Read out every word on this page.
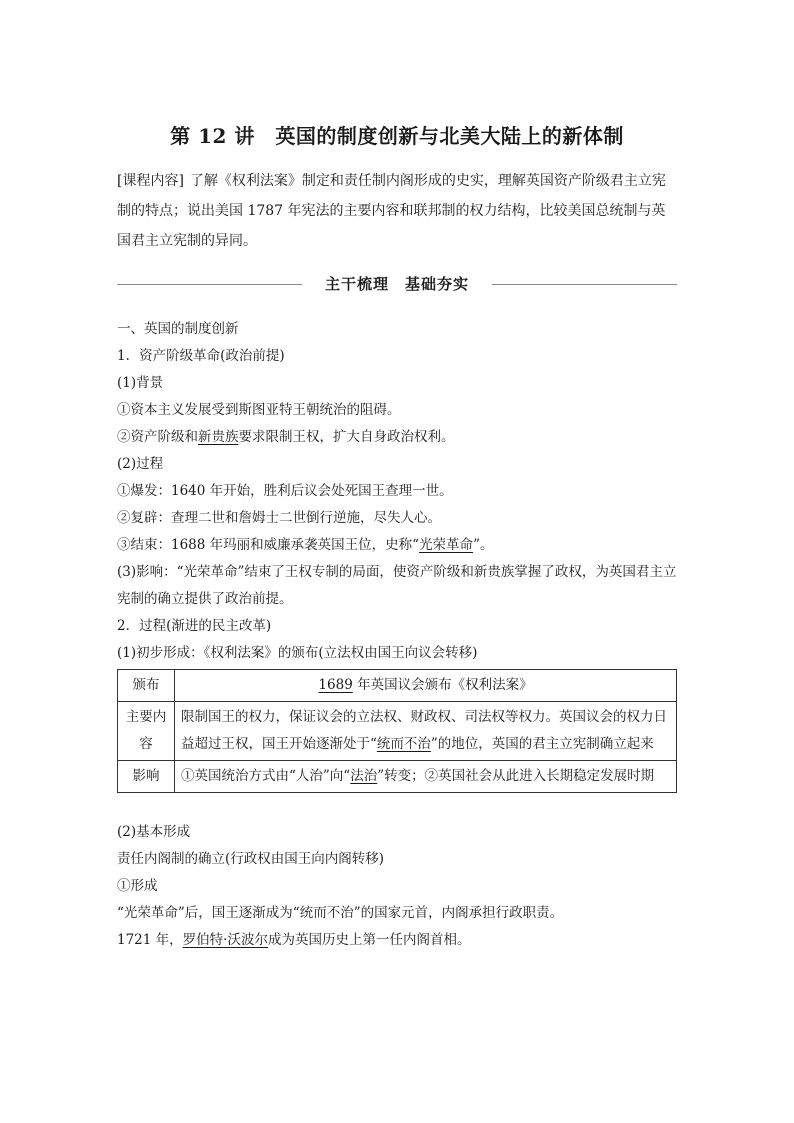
第 12 讲　英国的制度创新与北美大陆上的新体制
[课程内容] 了解《权利法案》制定和责任制内阁形成的史实，理解英国资产阶级君主立宪制的特点；说出美国 1787 年宪法的主要内容和联邦制的权力结构，比较美国总统制与英国君主立宪制的异同。
主干梳理　基础夯实

一、英国的制度创新

1．资产阶级革命(政治前提)

(1)背景

①资本主义发展受到斯图亚特王朝统治的阻碍。

②资产阶级和新贵族要求限制王权，扩大自身政治权利。

(2)过程

①爆发：1640 年开始，胜利后议会处死国王查理一世。

②复辟：查理二世和詹姆士二世倒行逆施，尽失人心。

③结束：1688 年玛丽和威廉承袭英国王位，史称“光荣革命”。

(3)影响：“光荣革命”结束了王权专制的局面，使资产阶级和新贵族掌握了政权，为英国君主立宪制的确立提供了政治前提。

2．过程(渐进的民主改革)

(1)初步形成：《权利法案》的颁布(立法权由国王向议会转移)

颁布	1689 年英国议会颁布《权利法案》
主要内容	限制国王的权力，保证议会的立法权、财政权、司法权等权力。英国议会的权力日益超过王权，国王开始逐渐处于“统而不治”的地位，英国的君主立宪制确立起来
影响	①英国统治方式由“人治”向“法治”转变；②英国社会从此进入长期稳定发展时期

(2)基本形成

责任内阁制的确立(行政权由国王向内阁转移)

①形成

“光荣革命”后，国王逐渐成为“统而不治”的国家元首，内阁承担行政职责。

1721 年，罗伯特·沃波尔成为英国历史上第一任内阁首相。
